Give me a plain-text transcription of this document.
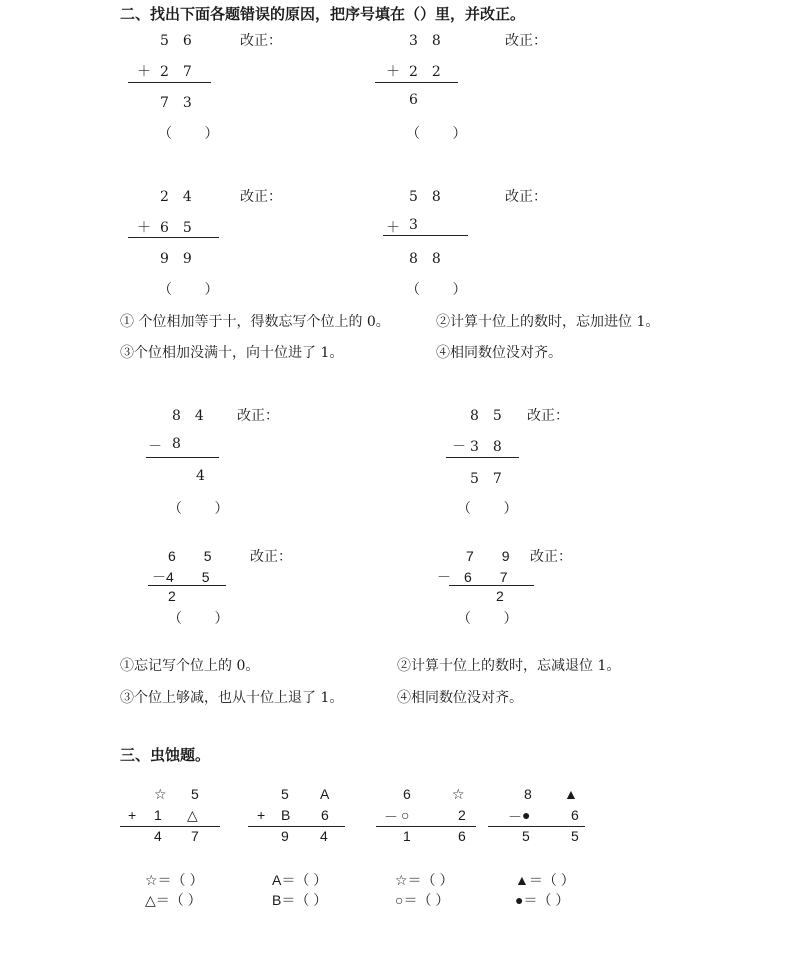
二、找出下面各题错误的原因，把序号填在（）里，并改正。
5　6	改正：
＋ 2　7
7　3
（ ）
3　8	改正：
＋ 2　2
6
（ ）
2　4	改正：
＋ 6　5
9　9
（ ）
5　8	改正：
＋ 3
8　8
（ ）
① 个位相加等于十，得数忘写个位上的 0。	②计算十位上的数时，忘加进位 1。
③个位相加没满十，向十位进了 1。	④相同数位没对齐。
8　4 改正：
－ 8
4
（ ）
8　5 改正：
－ 3　8
5　7
（ ）
6　　5	改正：
－ 4　　5
2
（ ）
7　　9 改正：
－ 6　　7
2
（ ）
①忘记写个位上的 0。	②计算十位上的数时，忘减退位 1。
③个位上够减，也从十位上退了 1。	④相同数位没对齐。
三、虫蚀题。
☆ 5
+ 1 △
4 7
☆＝（ ）
△＝（ ）
5 A
+ B 6
9 4
A＝（ ）
B＝（ ）
6	☆
－ ○	2
1	6
☆＝（ ）
○＝（ ）
8 ▲
－ ●	6
5	5
▲＝（ ）
●＝（ ）
